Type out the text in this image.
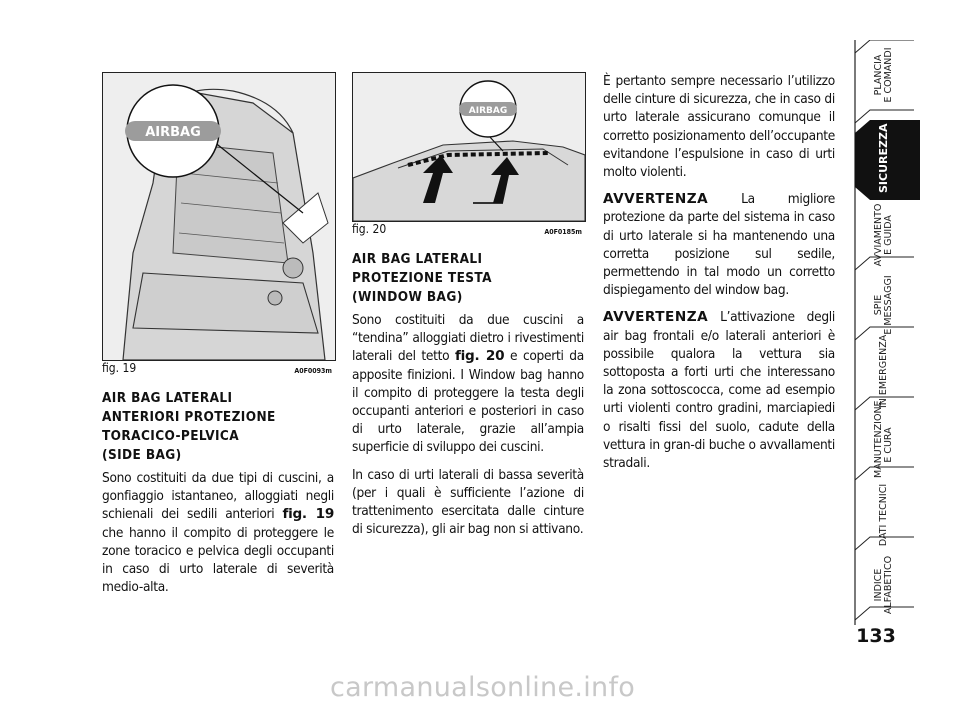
AIRBAG
fig. 19	A0F0093m
AIR BAG LATERALI
ANTERIORI PROTEZIONE
TORACICO-PELVICA
(SIDE BAG)

Sono costituiti da due tipi di cuscini, a gonfiaggio istantaneo, alloggiati negli schienali dei sedili anteriori fig. 19 che hanno il compito di proteggere le zone toracico e pelvica degli occupanti in caso di urto laterale di severità medio-alta.

AIRBAG
fig. 20	A0F0185m
AIR BAG LATERALI
PROTEZIONE TESTA
(WINDOW BAG)

Sono costituiti da due cuscini a “tendina” alloggiati dietro i rivestimenti laterali del tetto fig. 20 e coperti da apposite finizioni. I Window bag hanno il compito di proteggere la testa degli occupanti anteriori e posteriori in caso di urto laterale, grazie all’ampia superficie di sviluppo dei cuscini.

In caso di urti laterali di bassa severità (per i quali è sufficiente l’azione di trattenimento esercitata dalle cinture di sicurezza), gli air bag non si attivano.

È pertanto sempre necessario l’utilizzo delle cinture di sicurezza, che in caso di urto laterale assicurano comunque il corretto posizionamento dell’occupante evitandone l’espulsione in caso di urti molto violenti.

AVVERTENZA La migliore protezione da parte del sistema in caso di urto laterale si ha mantenendo una corretta posizione sul sedile, permettendo in tal modo un corretto dispiegamento del window bag.

AVVERTENZA L’attivazione degli air bag frontali e/o laterali anteriori è possibile qualora la vettura sia sottoposta a forti urti che interessano la zona sottoscocca, come ad esempio urti violenti contro gradini, marciapiedi o risalti fissi del suolo, cadute della vettura in gran-di buche o avvallamenti stradali.

PLANCIA
E COMANDI
SICUREZZA
AVVIAMENTO
E GUIDA
SPIE
E MESSAGGI
IN EMERGENZA
MANUTENZIONE
E CURA
DATI TECNICI
INDICE
ALFABETICO
133
carmanualsonline.info
